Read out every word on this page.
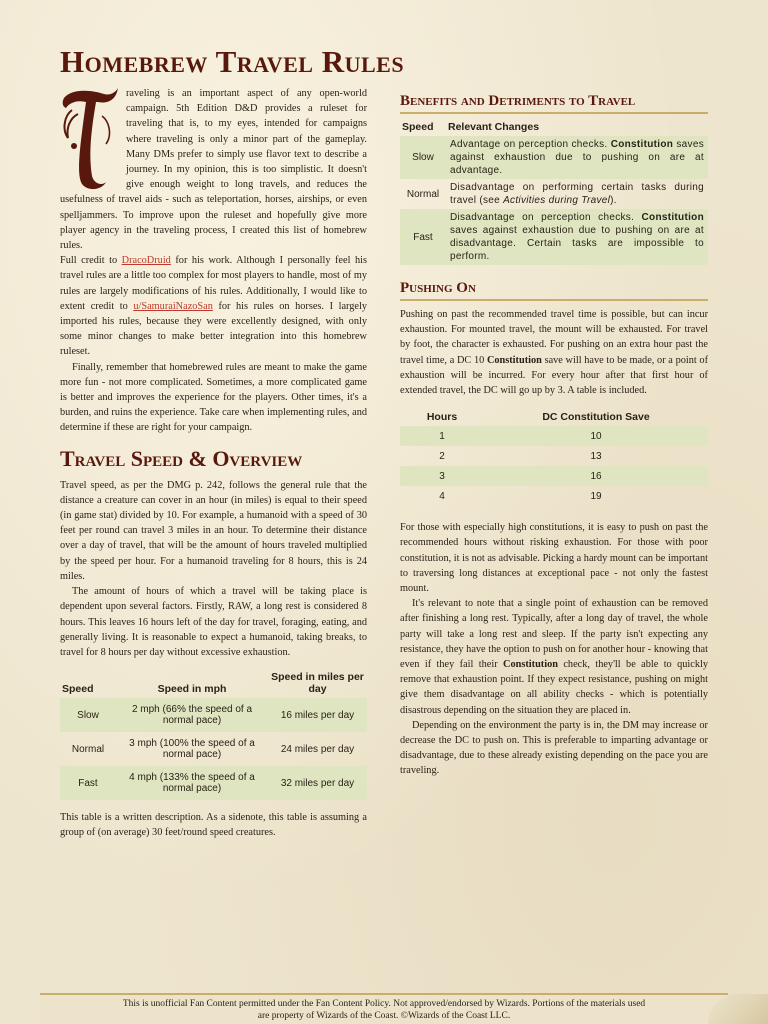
Homebrew Travel Rules

raveling is an important aspect of any open-world campaign. 5th Edition D&D provides a ruleset for traveling that is, to my eyes, intended for campaigns where traveling is only a minor part of the gameplay. Many DMs prefer to simply use flavor text to describe a journey. In my opinion, this is too simplistic. It doesn't give enough weight to long travels, and reduces the usefulness of travel aids - such as teleportation, horses, airships, or even spelljammers. To improve upon the ruleset and hopefully give more player agency in the traveling process, I created this list of homebrew rules.

Full credit to DracoDruid for his work. Although I personally feel his travel rules are a little too complex for most players to handle, most of my rules are largely modifications of his rules. Additionally, I would like to extent credit to u/SamuraiNazoSan for his rules on horses. I largely imported his rules, because they were excellently designed, with only some minor changes to make better integration into this homebrew ruleset.

Finally, remember that homebrewed rules are meant to make the game more fun - not more complicated. Sometimes, a more complicated game is better and improves the experience for the players. Other times, it's a burden, and ruins the experience. Take care when implementing rules, and determine if these are right for your campaign.

Travel Speed & Overview

Travel speed, as per the DMG p. 242, follows the general rule that the distance a creature can cover in an hour (in miles) is equal to their speed (in game stat) divided by 10. For example, a humanoid with a speed of 30 feet per round can travel 3 miles in an hour. To determine their distance over a day of travel, that will be the amount of hours traveled multiplied by the speed per hour. For a humanoid traveling for 8 hours, this is 24 miles.

The amount of hours of which a travel will be taking place is dependent upon several factors. Firstly, RAW, a long rest is considered 8 hours. This leaves 16 hours left of the day for travel, foraging, eating, and generally living. It is reasonable to expect a humanoid, taking breaks, to travel for 8 hours per day without excessive exhaustion.

Speed	Speed in mph	Speed in miles per day
Slow	2 mph (66% the speed of a normal pace)	16 miles per day
Normal	3 mph (100% the speed of a normal pace)	24 miles per day
Fast	4 mph (133% the speed of a normal pace)	32 miles per day

This table is a written description. As a sidenote, this table is assuming a group of (on average) 30 feet/round speed creatures.

Benefits and Detriments to Travel
Speed	Relevant Changes
Slow	Advantage on perception checks. Constitution saves against exhaustion due to pushing on are at advantage.
Normal	Disadvantage on performing certain tasks during travel (see Activities during Travel).
Fast	Disadvantage on perception checks. Constitution saves against exhaustion due to pushing on are at disadvantage. Certain tasks are impossible to perform.
Pushing On

Pushing on past the recommended travel time is possible, but can incur exhaustion. For mounted travel, the mount will be exhausted. For travel by foot, the character is exhausted. For pushing on an extra hour past the travel time, a DC 10 Constitution save will have to be made, or a point of exhaustion will be incurred. For every hour after that first hour of extended travel, the DC will go up by 3. A table is included.

Hours	DC Constitution Save
1	10
2	13
3	16
4	19

For those with especially high constitutions, it is easy to push on past the recommended hours without risking exhaustion. For those with poor constitution, it is not as advisable. Picking a hardy mount can be important to traversing long distances at exceptional pace - not only the fastest mount.

It's relevant to note that a single point of exhaustion can be removed after finishing a long rest. Typically, after a long day of travel, the whole party will take a long rest and sleep. If the party isn't expecting any resistance, they have the option to push on for another hour - knowing that even if they fail their Constitution check, they'll be able to quickly remove that exhaustion point. If they expect resistance, pushing on might give them disadvantage on all ability checks - which is potentially disastrous depending on the situation they are placed in.

Depending on the environment the party is in, the DM may increase or decrease the DC to push on. This is preferable to imparting advantage or disadvantage, due to these already existing depending on the pace you are traveling.

This is unofficial Fan Content permitted under the Fan Content Policy. Not approved/endorsed by Wizards. Portions of the materials used
are property of Wizards of the Coast. ©Wizards of the Coast LLC.
